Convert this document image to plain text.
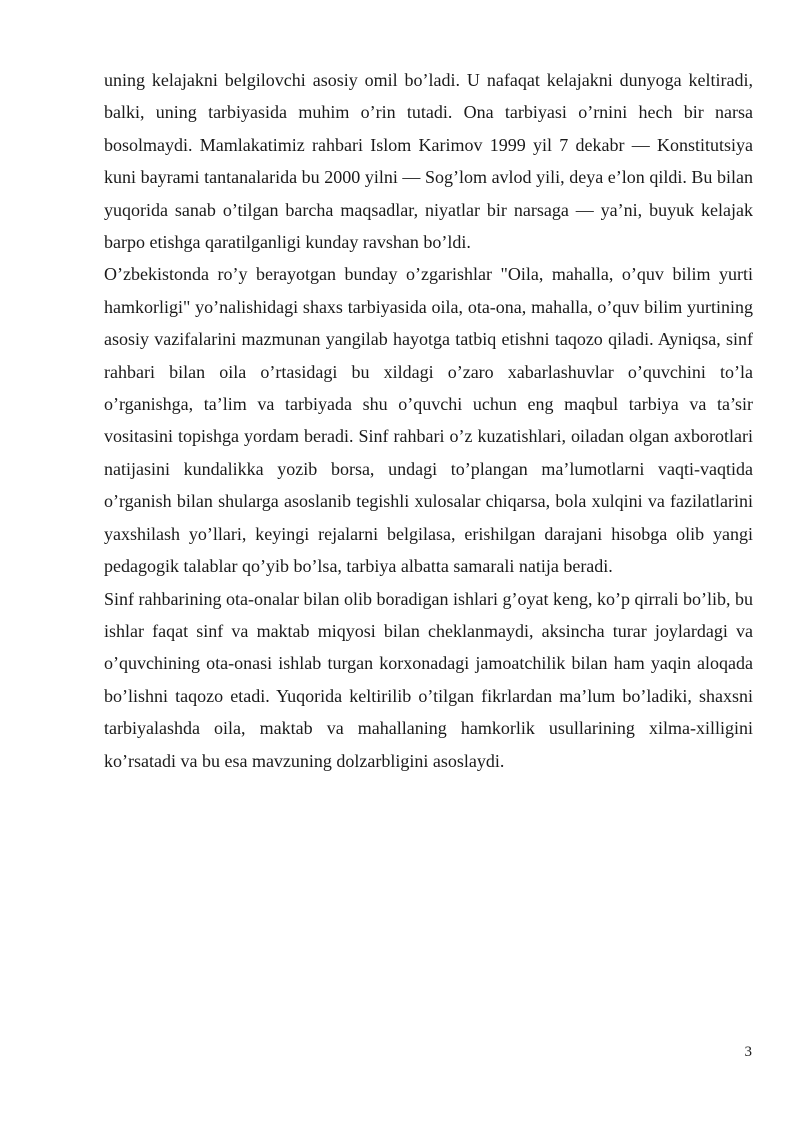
uning kelajakni belgilovchi asosiy omil bo’ladi. U nafaqat kelajakni dunyoga keltiradi, balki, uning tarbiyasida muhim o’rin tutadi. Ona tarbiyasi o’rnini hech bir narsa bosolmaydi. Mamlakatimiz rahbari Islom Karimov 1999 yil 7 dekabr — Konstitutsiya kuni bayrami tantanalarida bu 2000 yilni — Sog’lom avlod yili, deya e’lon qildi. Bu bilan yuqorida sanab o’tilgan barcha maqsadlar, niyatlar bir narsaga — ya’ni, buyuk kelajak barpo etishga qaratilganligi kunday ravshan bo’ldi.

O’zbekistonda ro’y berayotgan bunday o’zgarishlar "Oila, mahalla, o’quv bilim yurti hamkorligi" yo’nalishidagi shaxs tarbiyasida oila, ota-ona, mahalla, o’quv bilim yurtining asosiy vazifalarini mazmunan yangilab hayotga tatbiq etishni taqozo qiladi. Ayniqsa, sinf rahbari bilan oila o’rtasidagi bu xildagi o’zaro xabarlashuvlar o’quvchini to’la o’rganishga, ta’lim va tarbiyada shu o’quvchi uchun eng maqbul tarbiya va ta’sir vositasini topishga yordam beradi. Sinf rahbari o’z kuzatishlari, oiladan olgan axborotlari natijasini kundalikka yozib borsa, undagi to’plangan ma’lumotlarni vaqti-vaqtida o’rganish bilan shularga asoslanib tegishli xulosalar chiqarsa, bola xulqini va fazilatlarini yaxshilash yo’llari, keyingi rejalarni belgilasa, erishilgan darajani hisobga olib yangi pedagogik talablar qo’yib bo’lsa, tarbiya albatta samarali natija beradi.

Sinf rahbarining ota-onalar bilan olib boradigan ishlari g’oyat keng, ko’p qirrali bo’lib, bu ishlar faqat sinf va maktab miqyosi bilan cheklanmaydi, aksincha turar joylardagi va o’quvchining ota-onasi ishlab turgan korxonadagi jamoatchilik bilan ham yaqin aloqada bo’lishni taqozo etadi. Yuqorida keltirilib o’tilgan fikrlardan ma’lum bo’ladiki, shaxsni tarbiyalashda oila, maktab va mahallaning hamkorlik usullarining xilma-xilligini ko’rsatadi va bu esa mavzuning dolzarbligini asoslaydi.

3
